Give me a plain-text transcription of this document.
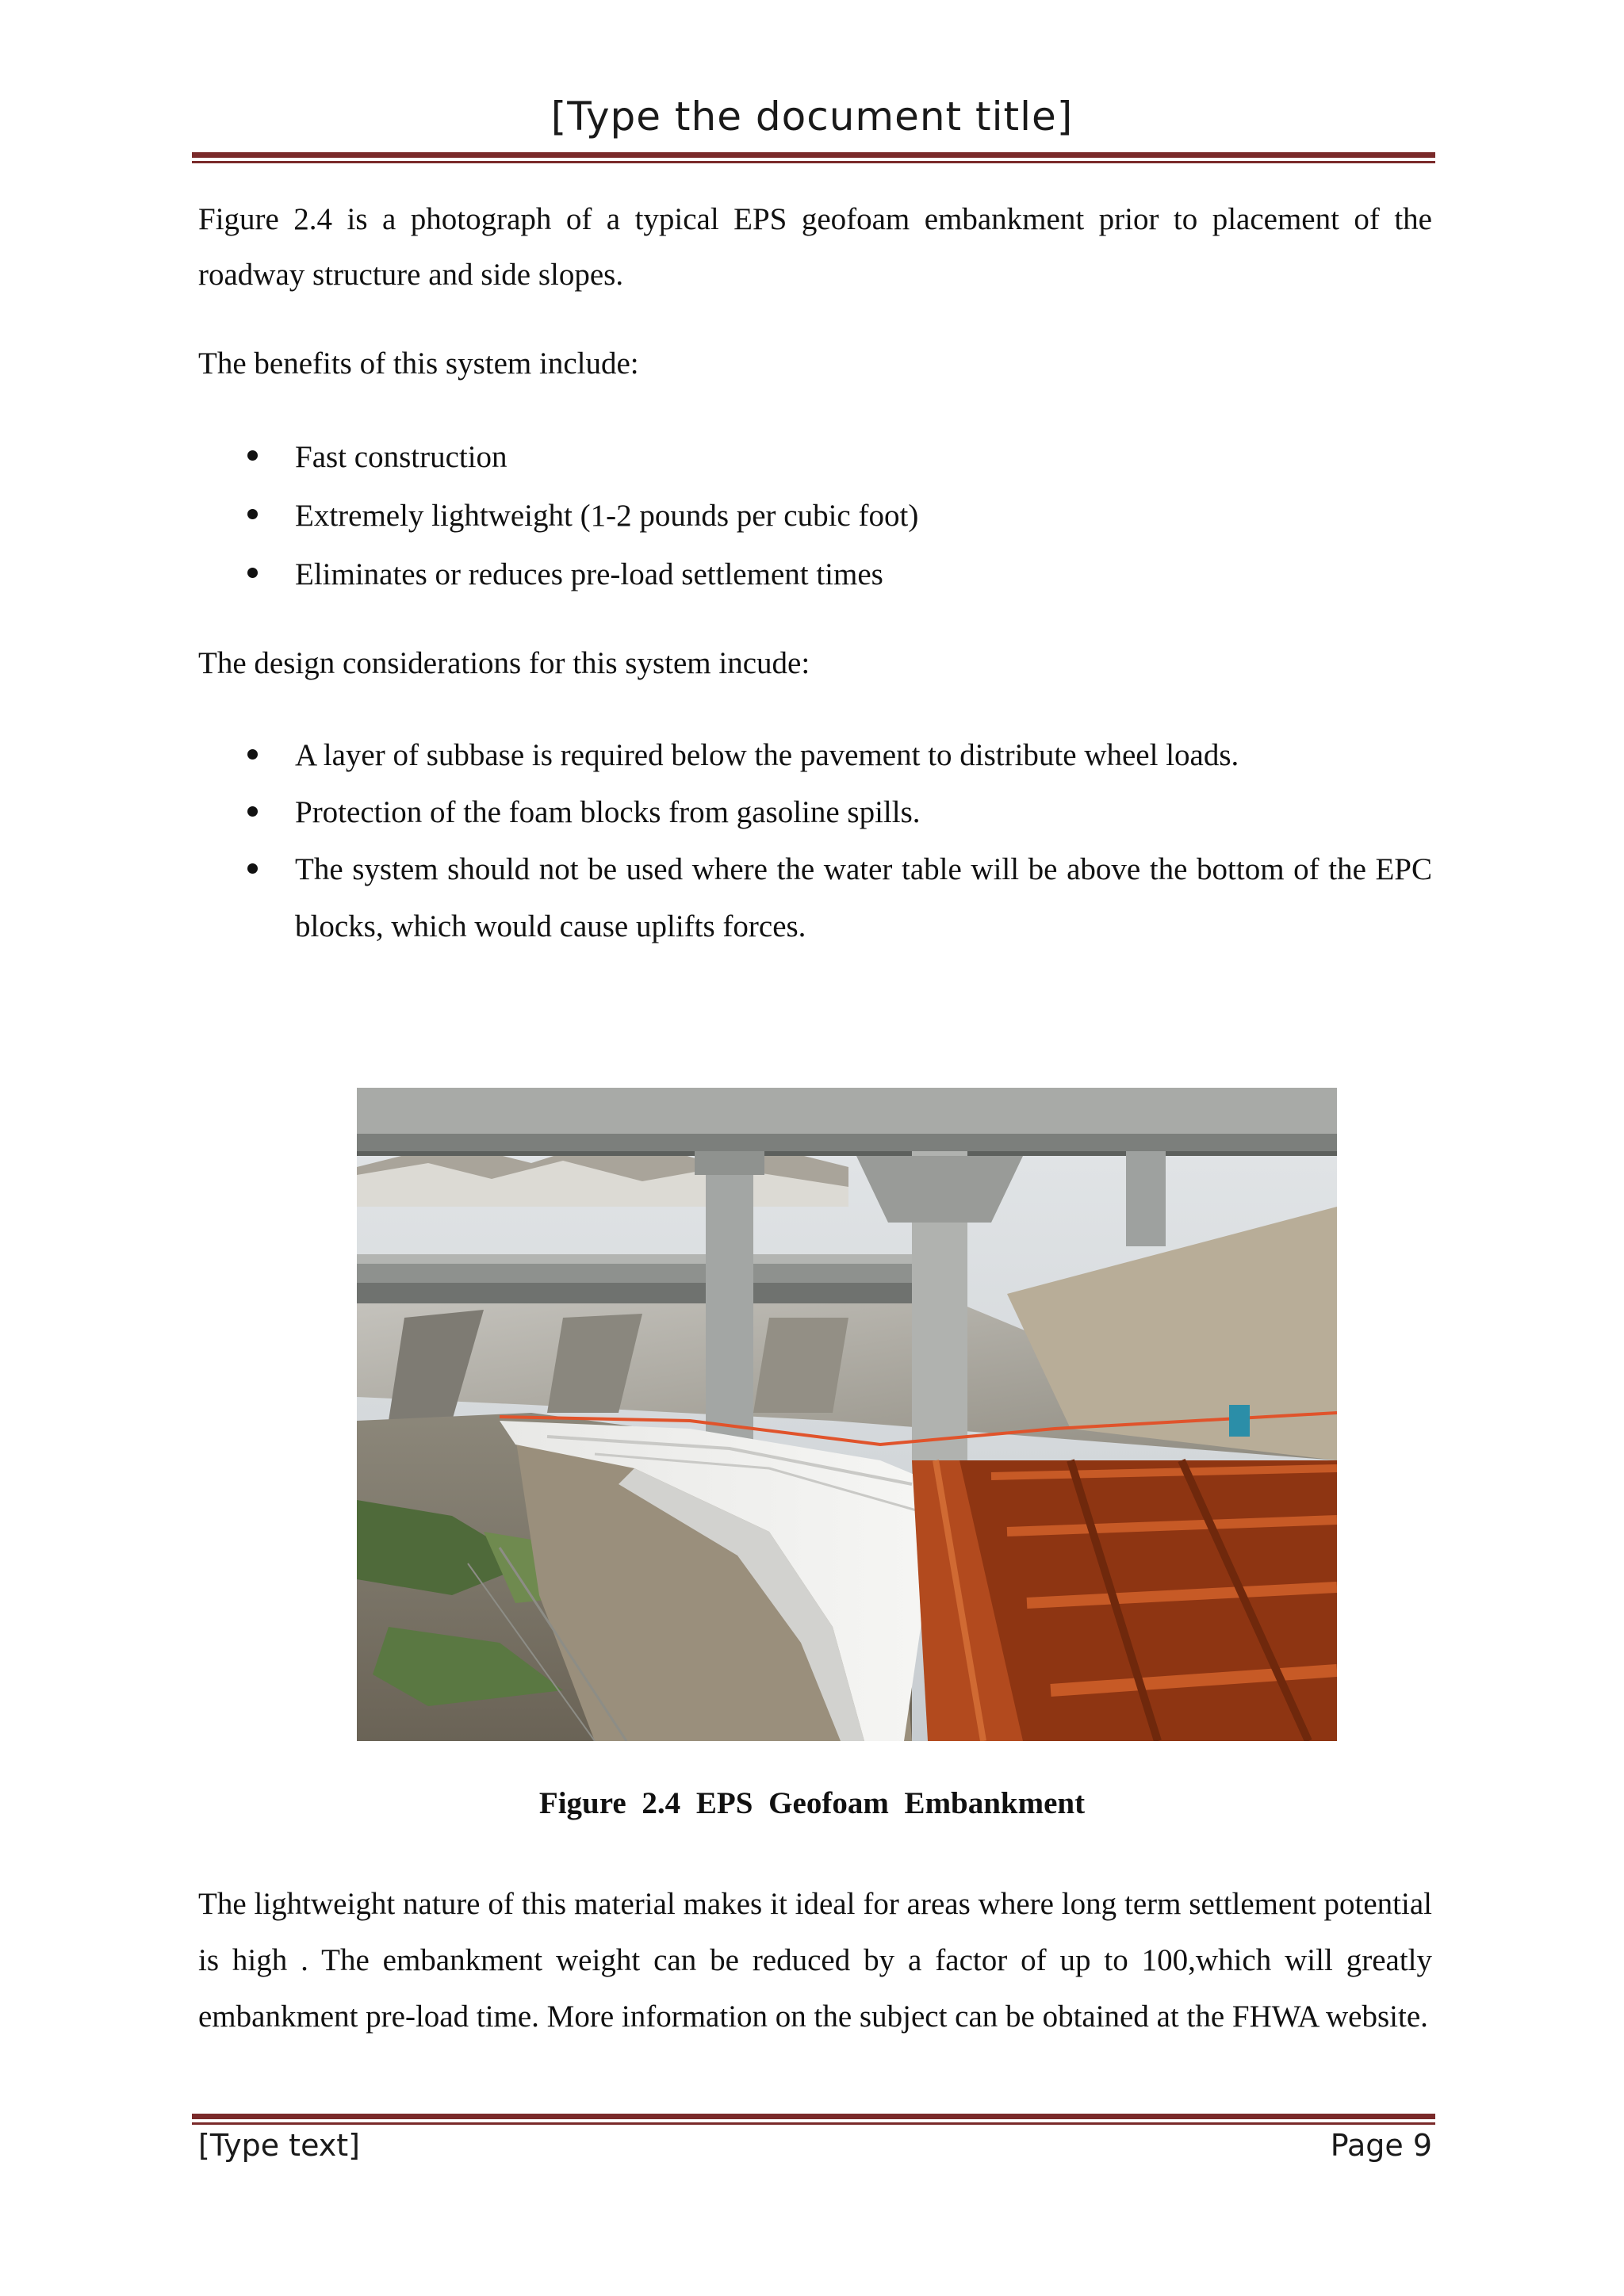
[Type the document title]

Figure 2.4 is a photograph of a typical EPS geofoam embankment prior to placement of the roadway structure and side slopes.

The benefits of this system include:

Fast construction
Extremely lightweight (1-2 pounds per cubic foot)
Eliminates or reduces pre-load settlement times

The design considerations for this system incude:

A layer of subbase is required below the pavement to distribute wheel loads.
Protection of the foam blocks from gasoline spills.
The system should not be used where the water table will be above the bottom of the EPC blocks, which would cause uplifts forces.
Figure 2.4 EPS Geofoam Embankment

The lightweight nature of this material makes it ideal for areas where long term settlement potential is high . The embankment weight can be reduced by a factor of up to 100,which will greatly embankment pre-load time. More information on the subject can be obtained at the FHWA website.

[Type text]	Page 9
